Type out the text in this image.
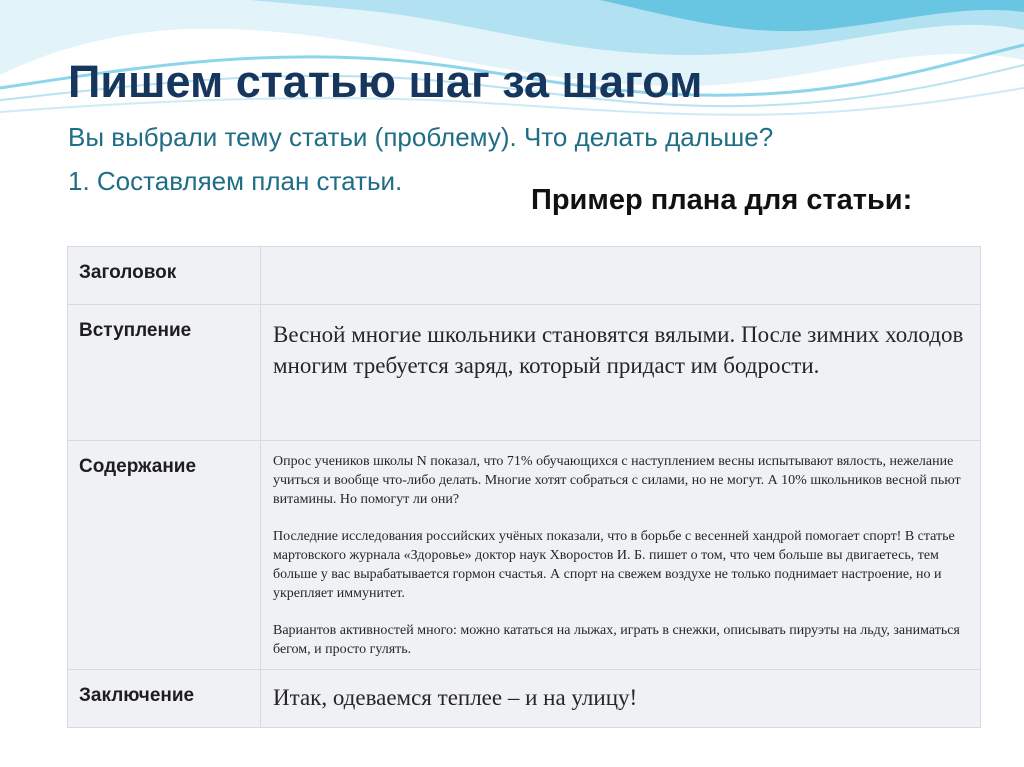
Пишем статью шаг за шагом

Вы выбрали тему статьи (проблему). Что делать дальше?

1. Составляем план статьи.

Пример плана для статьи:

Заголовок	
Вступление	Весной многие школьники становятся вялыми. После зимних холодов многим требуется заряд, который придаст им бодрости.

Содержание	Опрос учеников школы N показал, что 71% обучающихся с наступлением весны испытывают вялость, нежелание учиться и вообще что-либо делать. Многие хотят собраться с силами, но не могут. А 10% школьников весной пьют витамины. Но помогут ли они?

Последние исследования российских учёных показали, что в борьбе с весенней хандрой помогает спорт! В статье мартовского журнала «Здоровье» доктор наук Хворостов И. Б. пишет о том, что чем больше вы двигаетесь, тем больше у вас вырабатывается гормон счастья. А спорт на свежем воздухе не только поднимает настроение, но и укрепляет иммунитет.

Вариантов активностей много: можно кататься на лыжах, играть в снежки, описывать пируэты на льду, заниматься бегом, и просто гулять.

Заключение	Итак, одеваемся теплее – и на улицу!
